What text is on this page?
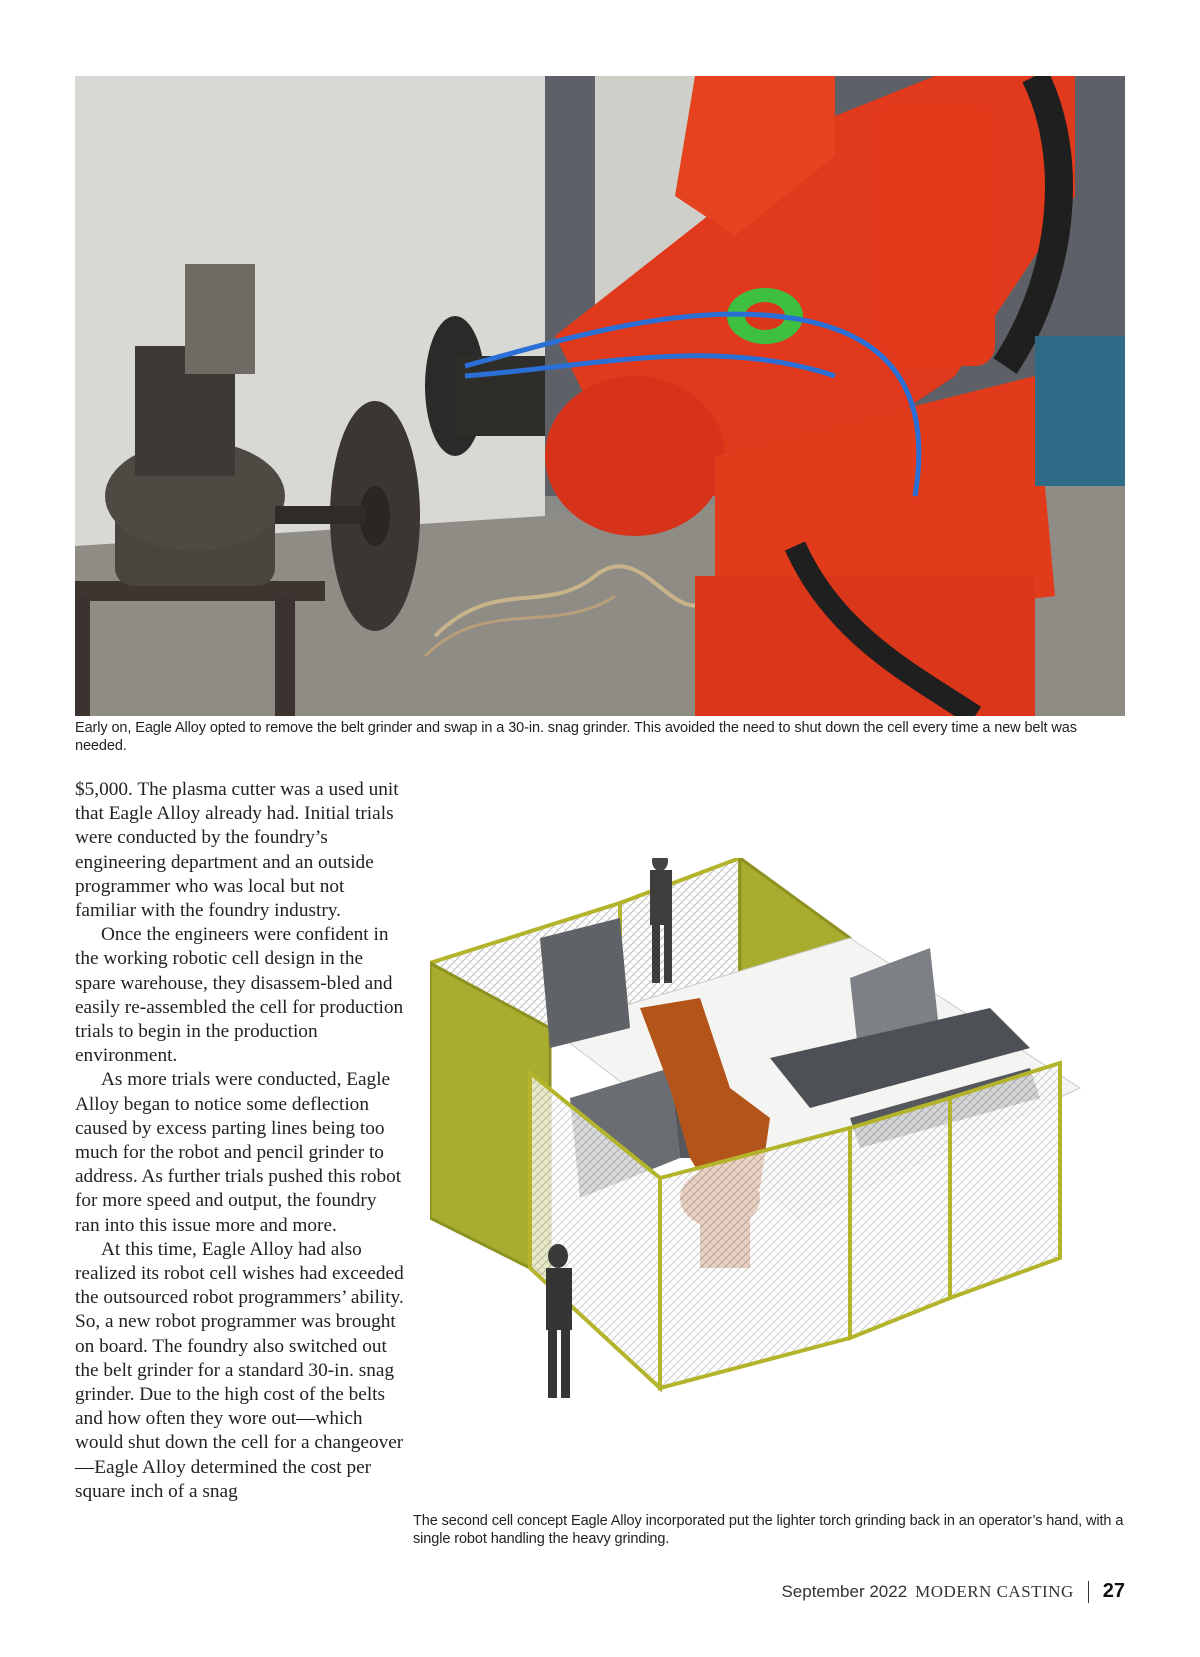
Early on, Eagle Alloy opted to remove the belt grinder and swap in a 30-in. snag grinder. This avoided the need to shut down the cell every time a new belt was needed.

$5,000. The plasma cutter was a used unit that Eagle Alloy already had. Initial trials were conducted by the foundry’s engineering department and an outside programmer who was local but not familiar with the foundry industry.

Once the engineers were confident in the working robotic cell design in the spare warehouse, they disassem-bled and easily re-assembled the cell for production trials to begin in the production environment.

As more trials were conducted, Eagle Alloy began to notice some deflection caused by excess parting lines being too much for the robot and pencil grinder to address. As further trials pushed this robot for more speed and output, the foundry ran into this issue more and more.

At this time, Eagle Alloy had also realized its robot cell wishes had exceeded the outsourced robot programmers’ ability. So, a new robot programmer was brought on board. The foundry also switched out the belt grinder for a standard 30-in. snag grinder. Due to the high cost of the belts and how often they wore out—which would shut down the cell for a changeover—Eagle Alloy determined the cost per square inch of a snag

The second cell concept Eagle Alloy incorporated put the lighter torch grinding back in an operator’s hand, with a single robot handling the heavy grinding.
September 2022 MODERN CASTING 27
